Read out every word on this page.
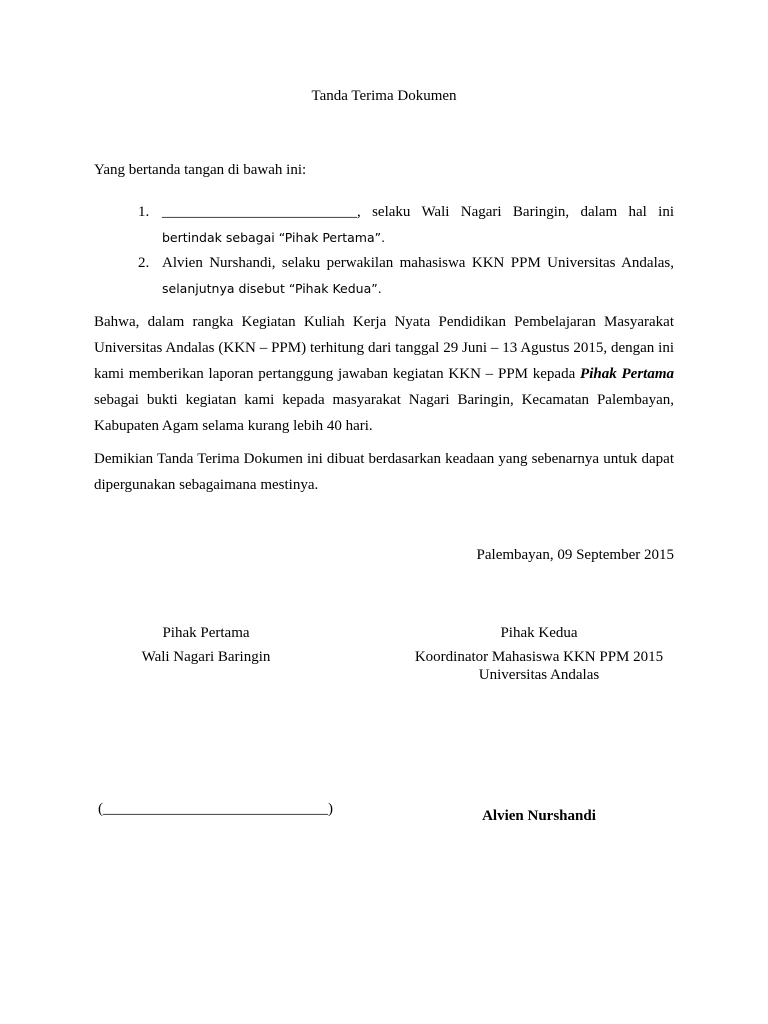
Tanda Terima Dokumen
Yang bertanda tangan di bawah ini:
1. __________________________, selaku Wali Nagari Baringin, dalam hal ini bertindak sebagai “Pihak Pertama”.
2. Alvien Nurshandi, selaku perwakilan mahasiswa KKN PPM Universitas Andalas, selanjutnya disebut “Pihak Kedua”.

Bahwa, dalam rangka Kegiatan Kuliah Kerja Nyata Pendidikan Pembelajaran Masyarakat Universitas Andalas (KKN – PPM) terhitung dari tanggal 29 Juni – 13 Agustus 2015, dengan ini kami memberikan laporan pertanggung jawaban kegiatan KKN – PPM kepada Pihak Pertama sebagai bukti kegiatan kami kepada masyarakat Nagari Baringin, Kecamatan Palembayan, Kabupaten Agam selama kurang lebih 40 hari.

Demikian Tanda Terima Dokumen ini dibuat berdasarkan keadaan yang sebenarnya untuk dapat dipergunakan sebagaimana mestinya.

Palembayan, 09 September 2015
Pihak Pertama
Wali Nagari Baringin
Pihak Kedua
Koordinator Mahasiswa KKN PPM 2015
Universitas Andalas
(______________________________)	Alvien Nurshandi
